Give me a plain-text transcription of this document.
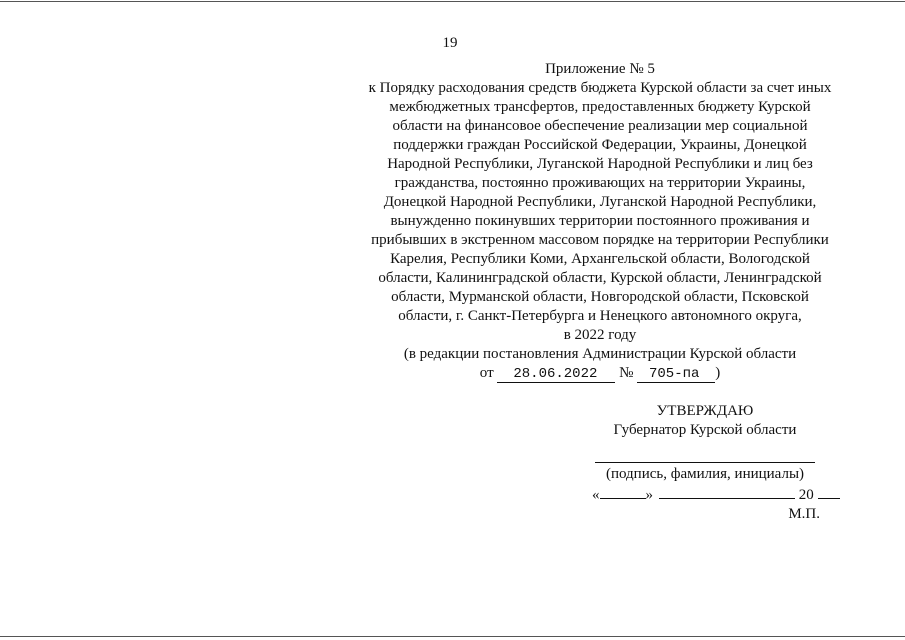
19
Приложение № 5
к Порядку расходования средств бюджета Курской области за счет иных
межбюджетных трансфертов, предоставленных бюджету Курской
области на финансовое обеспечение реализации мер социальной
поддержки граждан Российской Федерации, Украины, Донецкой
Народной Республики, Луганской Народной Республики и лиц без
гражданства, постоянно проживающих на территории Украины,
Донецкой Народной Республики, Луганской Народной Республики,
вынужденно покинувших территории постоянного проживания и
прибывших в экстренном массовом порядке на территории Республики
Карелия, Республики Коми, Архангельской области, Вологодской
области, Калининградской области, Курской области, Ленинградской
области, Мурманской области, Новгородской области, Псковской
области, г. Санкт-Петербурга и Ненецкого автономного округа,
в 2022 году
(в редакции постановления Администрации Курской области
от 28.06.2022 № 705-па )
УТВЕРЖДАЮ
Губернатор Курской области
(подпись, фамилия, инициалы)
«	»	20
М.П.
